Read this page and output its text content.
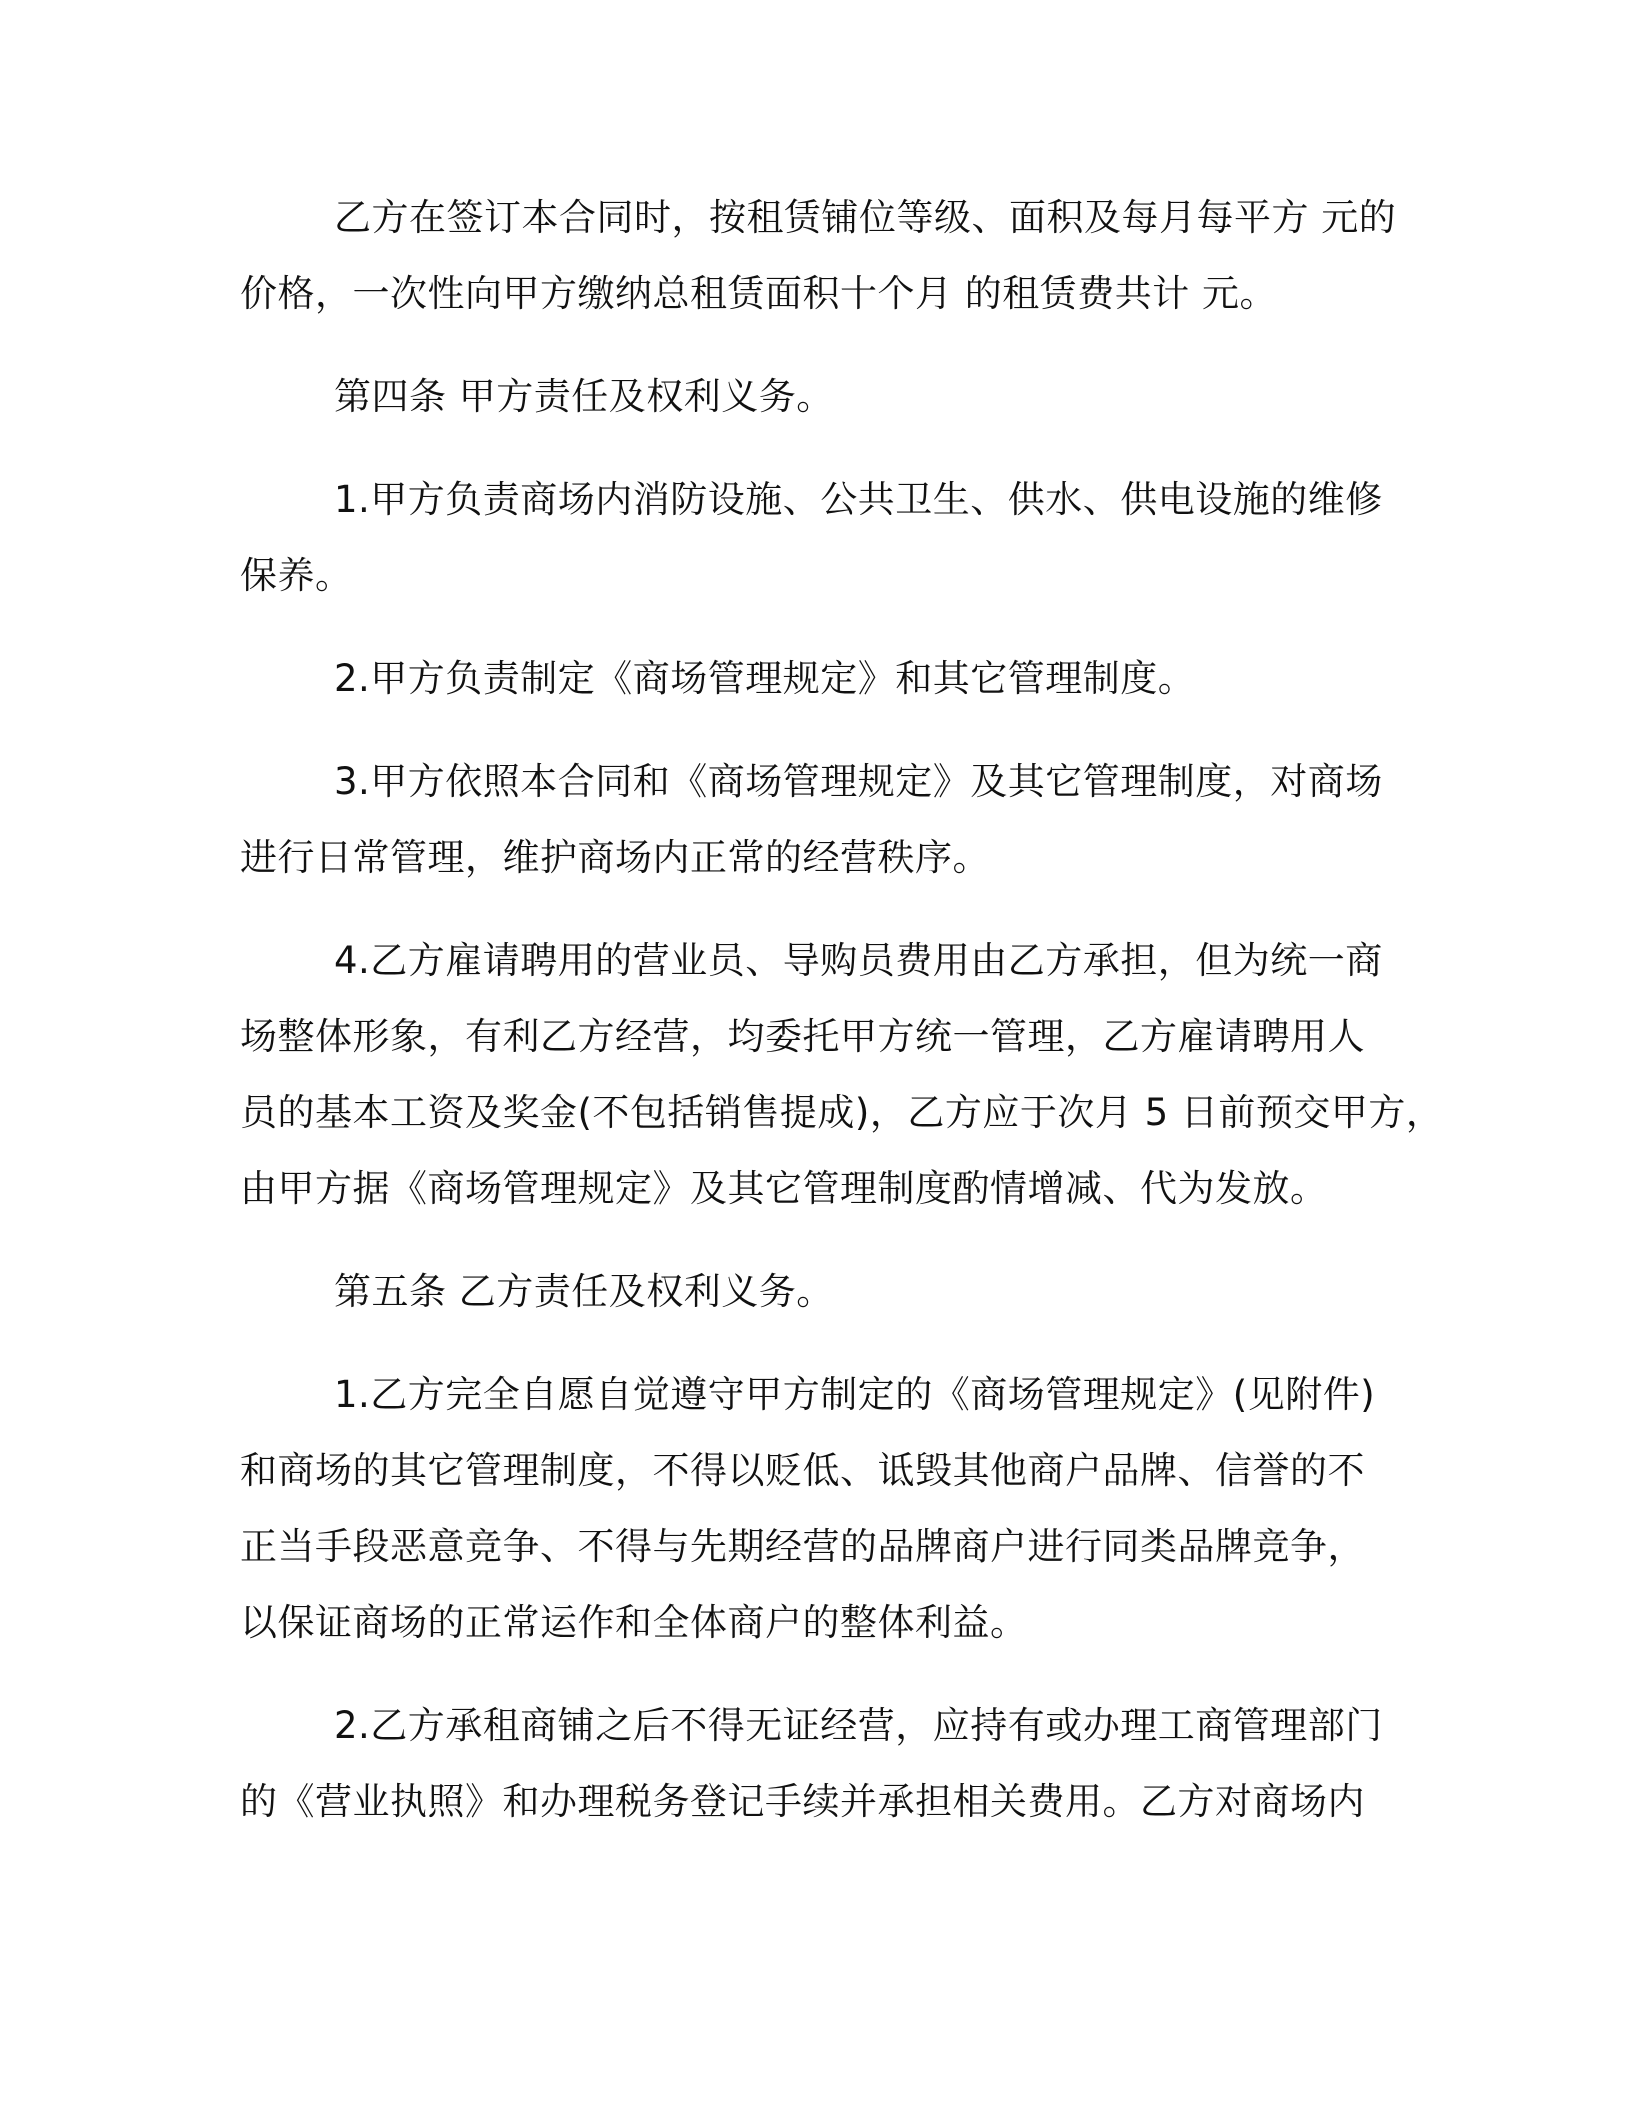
乙方在签订本合同时，按租赁铺位等级、面积及每月每平方 元的
价格，一次性向甲方缴纳总租赁面积十个月 的租赁费共计 元。
第四条 甲方责任及权利义务。
1.甲方负责商场内消防设施、公共卫生、供水、供电设施的维修
保养。
2.甲方负责制定《商场管理规定》和其它管理制度。
3.甲方依照本合同和《商场管理规定》及其它管理制度，对商场
进行日常管理，维护商场内正常的经营秩序。
4.乙方雇请聘用的营业员、导购员费用由乙方承担，但为统一商
场整体形象，有利乙方经营，均委托甲方统一管理，乙方雇请聘用人
员的基本工资及奖金(不包括销售提成)，乙方应于次月 5 日前预交甲方，
由甲方据《商场管理规定》及其它管理制度酌情增减、代为发放。
第五条 乙方责任及权利义务。
1.乙方完全自愿自觉遵守甲方制定的《商场管理规定》(见附件)
和商场的其它管理制度，不得以贬低、诋毁其他商户品牌、信誉的不
正当手段恶意竞争、不得与先期经营的品牌商户进行同类品牌竞争，
以保证商场的正常运作和全体商户的整体利益。
2.乙方承租商铺之后不得无证经营，应持有或办理工商管理部门
的《营业执照》和办理税务登记手续并承担相关费用。乙方对商场内
